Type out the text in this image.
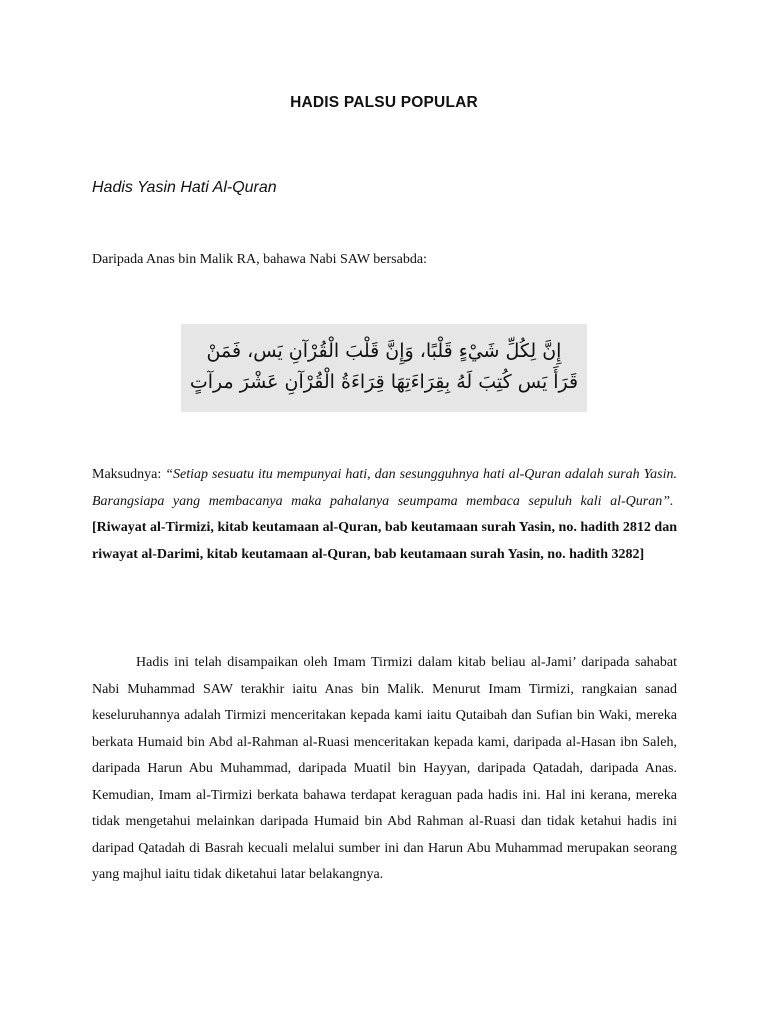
HADIS PALSU POPULAR
Hadis Yasin Hati Al-Quran
Daripada Anas bin Malik RA, bahawa Nabi SAW bersabda:
إِنَّ لِكُلِّ شَيْءٍ قَلْبًا، وَإِنَّ قَلْبَ الْقُرْآنِ يَس، فَمَنْ
قَرَأَ يَس كُتِبَ لَهُ بِقِرَاءَتِهَا قِرَاءَةُ الْقُرْآنِ عَشْرَ مرآتٍ
Maksudnya: “Setiap sesuatu itu mempunyai hati, dan sesungguhnya hati al-Quran adalah surah Yasin. Barangsiapa yang membacanya maka pahalanya seumpama membaca sepuluh kali al-Quran”.  [Riwayat al-Tirmizi, kitab keutamaan al-Quran, bab keutamaan surah Yasin, no. hadith 2812 dan riwayat al-Darimi, kitab keutamaan al-Quran, bab keutamaan surah Yasin, no. hadith 3282]
Hadis ini telah disampaikan oleh Imam Tirmizi dalam kitab beliau al-Jami’ daripada sahabat Nabi Muhammad SAW terakhir iaitu Anas bin Malik. Menurut Imam Tirmizi, rangkaian sanad keseluruhannya adalah Tirmizi menceritakan kepada kami iaitu Qutaibah dan Sufian bin Waki, mereka berkata Humaid bin Abd al-Rahman al-Ruasi menceritakan kepada kami, daripada al-Hasan ibn Saleh, daripada Harun Abu Muhammad, daripada Muatil bin Hayyan, daripada Qatadah, daripada Anas. Kemudian, Imam al-Tirmizi berkata bahawa terdapat keraguan pada hadis ini. Hal ini kerana, mereka tidak mengetahui melainkan daripada Humaid bin Abd Rahman al-Ruasi dan tidak ketahui hadis ini daripad Qatadah di Basrah kecuali melalui sumber ini dan Harun Abu Muhammad merupakan seorang yang majhul iaitu tidak diketahui latar belakangnya.
